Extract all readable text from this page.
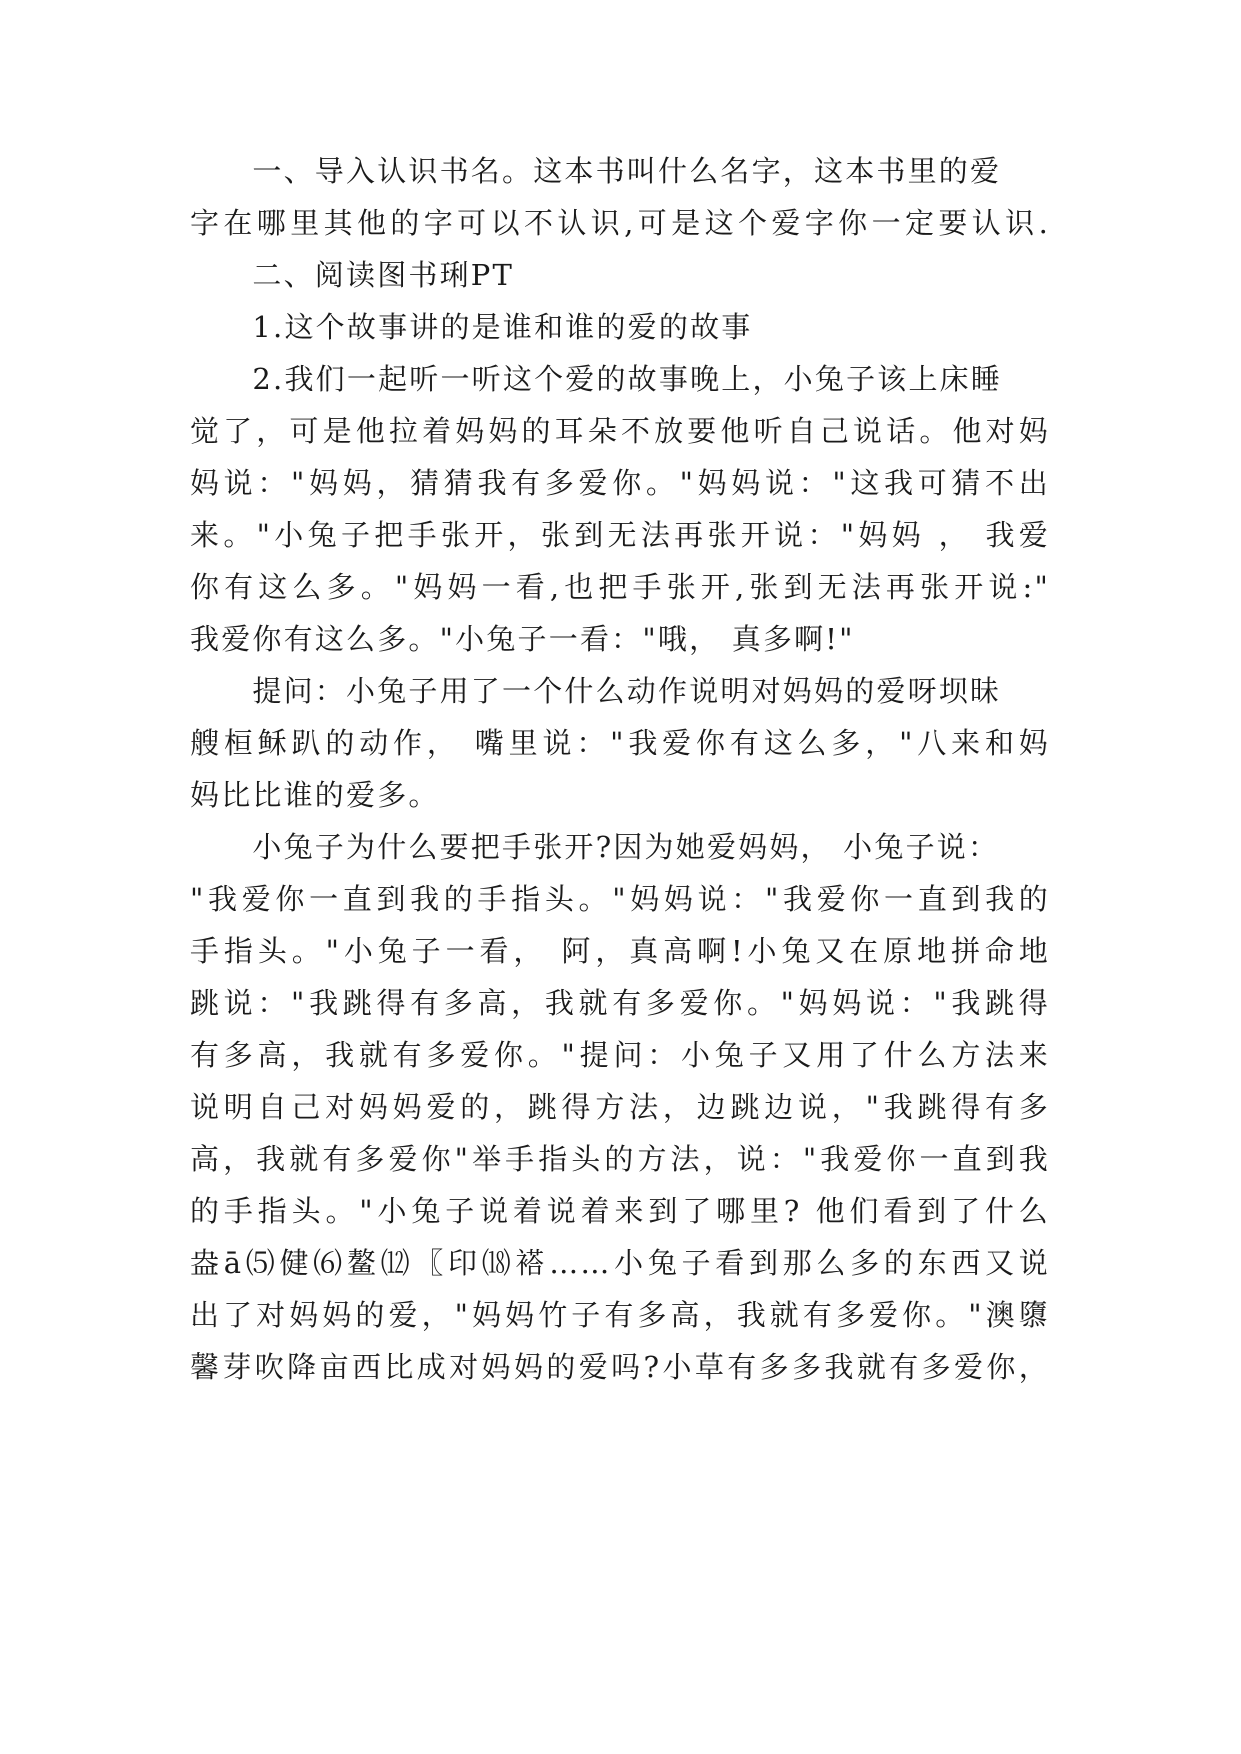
　　一、导入认识书名。这本书叫什么名字，这本书里的爱
字在哪里其他的字可以不认识,可是这个爱字你一定要认识.
　　二、阅读图书琍PT
　　1.这个故事讲的是谁和谁的爱的故事
　　2.我们一起听一听这个爱的故事晚上，小兔子该上床睡
觉了，可是他拉着妈妈的耳朵不放要他听自己说话。他对妈
妈说："妈妈，猜猜我有多爱你。"妈妈说："这我可猜不出
来。"小兔子把手张开，张到无法再张开说："妈妈 ， 我爱
你有这么多。"妈妈一看,也把手张开,张到无法再张开说:"
我爱你有这么多。"小兔子一看："哦， 真多啊!"
　　提问：小兔子用了一个什么动作说明对妈妈的爱呀坝昧
艘桓稣趴的动作， 嘴里说："我爱你有这么多，"八来和妈
妈比比谁的爱多。
　　小兔子为什么要把手张开?因为她爱妈妈， 小兔子说：
"我爱你一直到我的手指头。"妈妈说："我爱你一直到我的
手指头。"小兔子一看， 阿，真高啊!小兔又在原地拼命地
跳说："我跳得有多高，我就有多爱你。"妈妈说："我跳得
有多高，我就有多爱你。"提问：小兔子又用了什么方法来
说明自己对妈妈爱的，跳得方法，边跳边说，"我跳得有多
高，我就有多爱你"举手指头的方法，说："我爱你一直到我
的手指头。"小兔子说着说着来到了哪里? 他们看到了什么
盎ā⑸健⑹鳌⑿〖印⒅褡……小兔子看到那么多的东西又说
出了对妈妈的爱，"妈妈竹子有多高，我就有多爱你。"澳隳
馨芽吹降亩西比成对妈妈的爱吗?小草有多多我就有多爱你，
